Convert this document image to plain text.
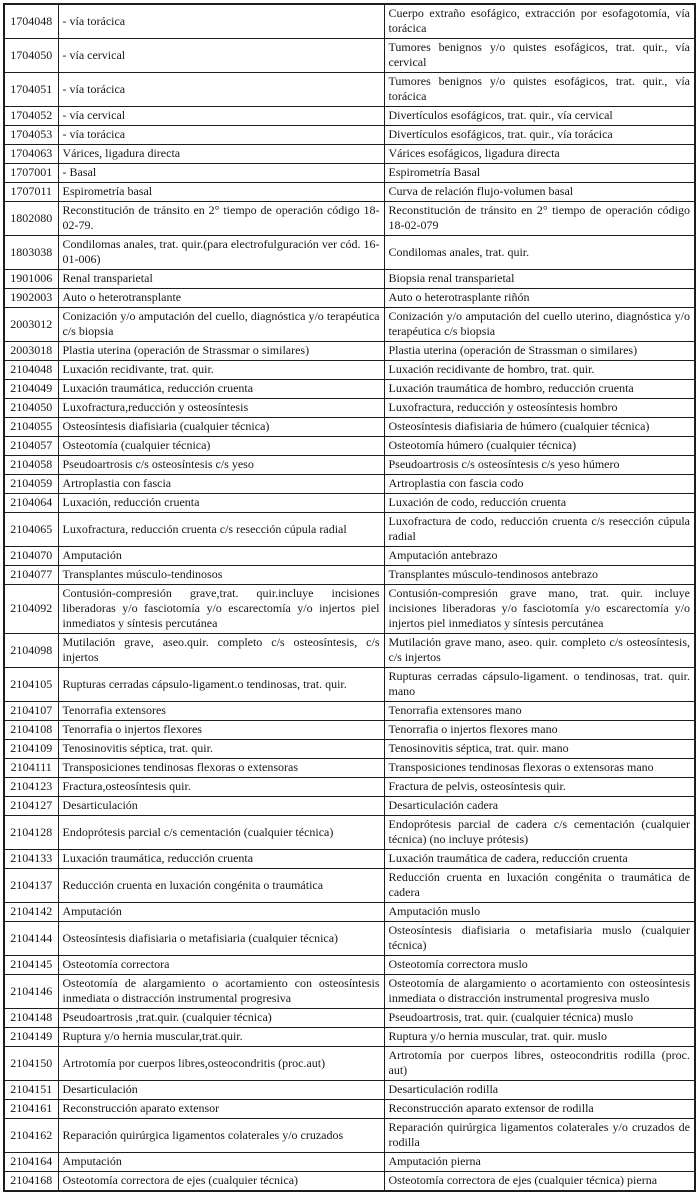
1704048	- vía torácica	Cuerpo extraño esofágico, extracción por esofagotomía, vía torácica
1704050	- vía cervical	Tumores benignos y/o quistes esofágicos, trat. quir., vía cervical
1704051	- vía torácica	Tumores benignos y/o quistes esofágicos, trat. quir., vía torácica
1704052	- vía cervical	Divertículos esofágicos, trat. quir., vía cervical
1704053	- vía torácica	Divertículos esofágicos, trat. quir., vía torácica
1704063	Várices, ligadura directa	Várices esofágicos, ligadura directa
1707001	- Basal	Espirometría Basal
1707011	Espirometría basal	Curva de relación flujo-volumen basal
1802080	Reconstitución de tránsito en 2° tiempo de operación código 18-02-79.	Reconstitución de tránsito en 2° tiempo de operación código 18-02-079
1803038	Condilomas anales, trat. quir.(para electrofulguración ver cód. 16-01-006)	Condilomas anales, trat. quir.
1901006	Renal transparietal	Biopsia renal transparietal
1902003	Auto o heterotransplante	Auto o heterotrasplante riñón
2003012	Conización y/o amputación del cuello, diagnóstica y/o terapéutica c/s biopsia	Conización y/o amputación del cuello uterino, diagnóstica y/o terapéutica c/s biopsia
2003018	Plastia uterina (operación de Strassmar o similares)	Plastia uterina (operación de Strassman o similares)
2104048	Luxación recidivante, trat. quir.	Luxación recidivante de hombro, trat. quir.
2104049	Luxación traumática, reducción cruenta	Luxación traumática de hombro, reducción cruenta
2104050	Luxofractura,reducción y osteosíntesis	Luxofractura, reducción y osteosíntesis hombro
2104055	Osteosíntesis diafisiaria (cualquier técnica)	Osteosíntesis diafisiaria de húmero (cualquier técnica)
2104057	Osteotomía (cualquier técnica)	Osteotomía húmero (cualquier técnica)
2104058	Pseudoartrosis c/s osteosíntesis c/s yeso	Pseudoartrosis c/s osteosíntesis c/s yeso húmero
2104059	Artroplastia con fascia	Artroplastia con fascia codo
2104064	Luxación, reducción cruenta	Luxación de codo, reducción cruenta
2104065	Luxofractura, reducción cruenta c/s resección cúpula radial	Luxofractura de codo, reducción cruenta c/s resección cúpula radial
2104070	Amputación	Amputación antebrazo
2104077	Transplantes músculo-tendinosos	Transplantes músculo-tendinosos antebrazo
2104092	Contusión-compresión grave,trat. quir.incluye incisiones liberadoras y/o fasciotomía y/o escarectomía y/o injertos piel inmediatos y síntesis percutánea	Contusión-compresión grave mano, trat. quir. incluye incisiones liberadoras y/o fasciotomía y/o escarectomía y/o injertos piel inmediatos y síntesis percutánea
2104098	Mutilación grave, aseo.quir. completo c/s osteosíntesis, c/s injertos	Mutilación grave mano, aseo. quir. completo c/s osteosíntesis, c/s injertos
2104105	Rupturas cerradas cápsulo-ligament.o tendinosas, trat. quir.	Rupturas cerradas cápsulo-ligament. o tendinosas, trat. quir. mano
2104107	Tenorrafia extensores	Tenorrafia extensores mano
2104108	Tenorrafia o injertos flexores	Tenorrafia o injertos flexores mano
2104109	Tenosinovitis séptica, trat. quir.	Tenosinovitis séptica, trat. quir. mano
2104111	Transposiciones tendinosas flexoras o extensoras	Transposiciones tendinosas flexoras o extensoras mano
2104123	Fractura,osteosíntesis quir.	Fractura de pelvis, osteosíntesis quir.
2104127	Desarticulación	Desarticulación cadera
2104128	Endoprótesis parcial c/s cementación (cualquier técnica)	Endoprótesis parcial de cadera c/s cementación (cualquier técnica) (no incluye prótesis)
2104133	Luxación traumática, reducción cruenta	Luxación traumática de cadera, reducción cruenta
2104137	Reducción cruenta en luxación congénita o traumática	Reducción cruenta en luxación congénita o traumática de cadera
2104142	Amputación	Amputación muslo
2104144	Osteosíntesis diafisiaria o metafisiaria (cualquier técnica)	Osteosíntesis diafisiaria o metafisiaria muslo (cualquier técnica)
2104145	Osteotomía correctora	Osteotomía correctora muslo
2104146	Osteotomía de alargamiento o acortamiento con osteosíntesis inmediata o distracción instrumental progresiva	Osteotomía de alargamiento o acortamiento con osteosíntesis inmediata o distracción instrumental progresiva muslo
2104148	Pseudoartrosis ,trat.quir. (cualquier técnica)	Pseudoartrosis, trat. quir. (cualquier técnica) muslo
2104149	Ruptura y/o hernia muscular,trat.quir.	Ruptura y/o hernia muscular, trat. quir. muslo
2104150	Artrotomía por cuerpos libres,osteocondritis (proc.aut)	Artrotomía por cuerpos libres, osteocondritis rodilla (proc. aut)
2104151	Desarticulación	Desarticulación rodilla
2104161	Reconstrucción aparato extensor	Reconstrucción aparato extensor de rodilla
2104162	Reparación quirúrgica ligamentos colaterales y/o cruzados	Reparación quirúrgica ligamentos colaterales y/o cruzados de rodilla
2104164	Amputación	Amputación pierna
2104168	Osteotomía correctora de ejes (cualquier técnica)	Osteotomía correctora de ejes (cualquier técnica) pierna
